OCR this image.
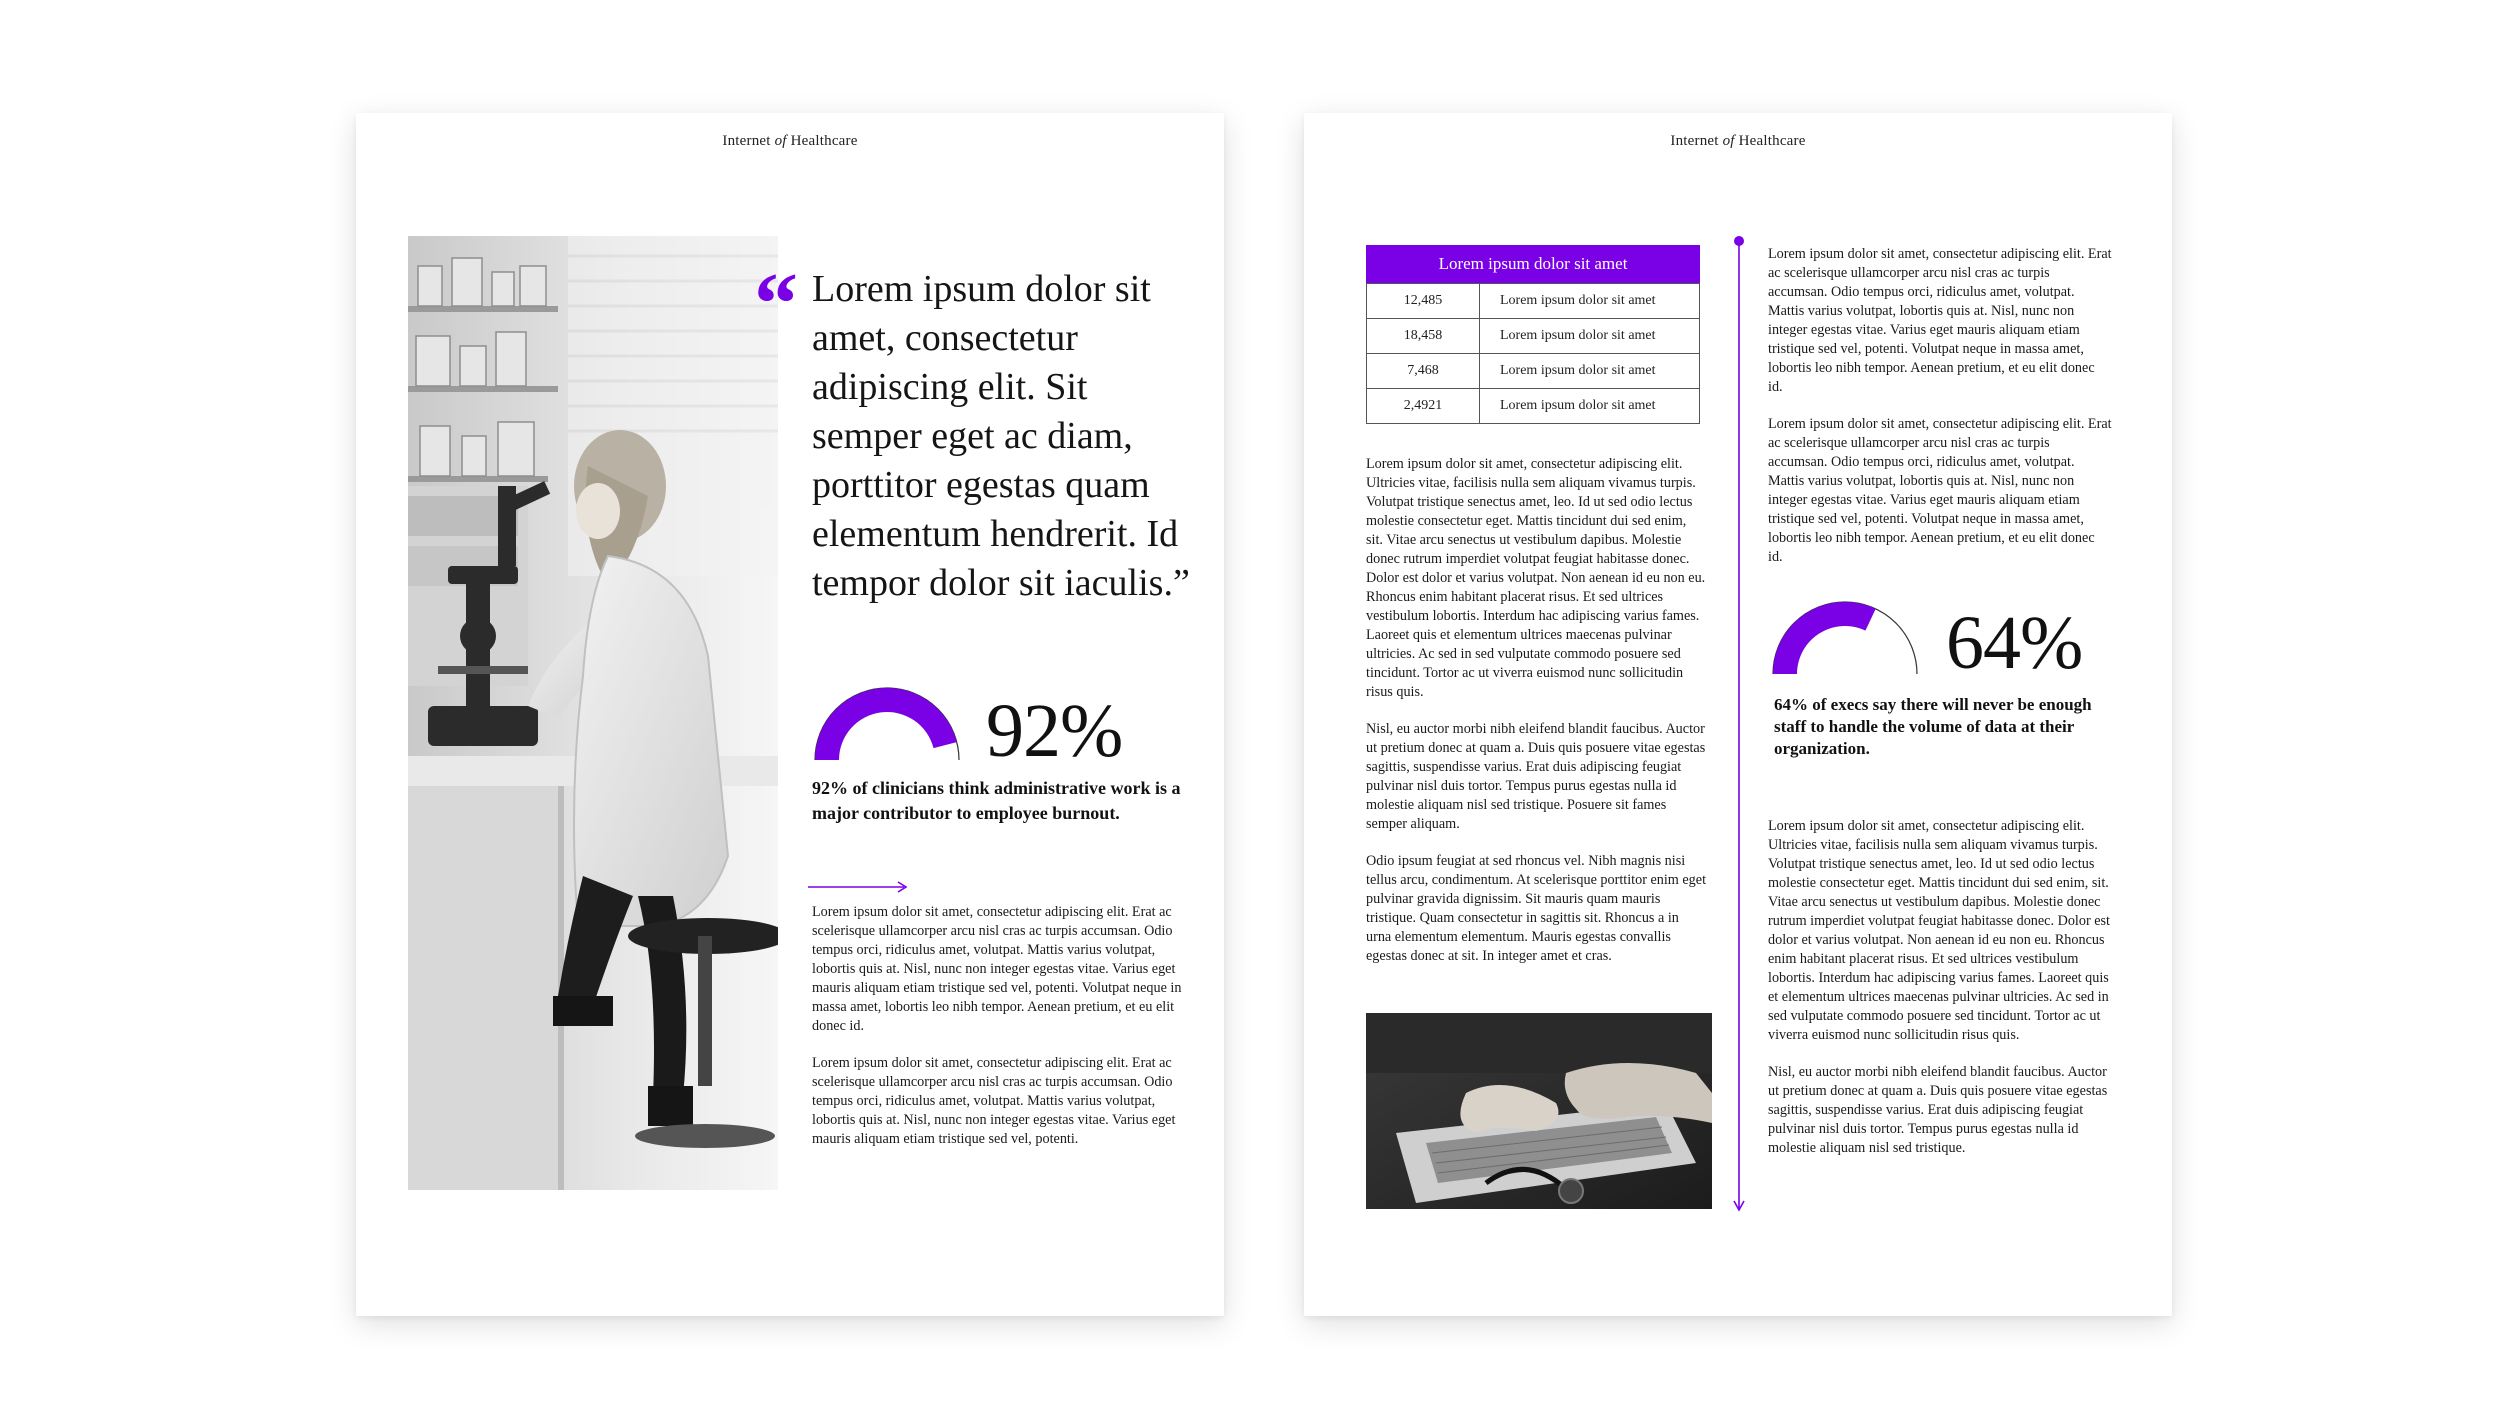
Internet of Healthcare
“ Lorem ipsum dolor sit amet, consectetur adipiscing elit. Sit semper eget ac diam, porttitor egestas quam elementum hendrerit. Id tempor dolor sit iaculis.”
92%
92% of clinicians think administrative work is a major contributor to employee burnout.

Lorem ipsum dolor sit amet, consectetur adipiscing elit. Erat ac scelerisque ullamcorper arcu nisl cras ac turpis accumsan. Odio tempus orci, ridiculus amet, volutpat. Mattis varius volutpat, lobortis quis at. Nisl, nunc non integer egestas vitae. Varius eget mauris aliquam etiam tristique sed vel, potenti. Volutpat neque in massa amet, lobortis leo nibh tempor. Aenean pretium, et eu elit donec id.

Lorem ipsum dolor sit amet, consectetur adipiscing elit. Erat ac scelerisque ullamcorper arcu nisl cras ac turpis accumsan. Odio tempus orci, ridiculus amet, volutpat. Mattis varius volutpat, lobortis quis at. Nisl, nunc non integer egestas vitae. Varius eget mauris aliquam etiam tristique sed vel, potenti.

Internet of Healthcare
Lorem ipsum dolor sit amet
12,485	Lorem ipsum dolor sit amet
18,458	Lorem ipsum dolor sit amet
7,468	Lorem ipsum dolor sit amet
2,4921	Lorem ipsum dolor sit amet

Lorem ipsum dolor sit amet, consectetur adipiscing elit. Ultricies vitae, facilisis nulla sem aliquam vivamus turpis. Volutpat tristique senectus amet, leo. Id ut sed odio lectus molestie consectetur eget. Mattis tincidunt dui sed enim, sit. Vitae arcu senectus ut vestibulum dapibus. Molestie donec rutrum imperdiet volutpat feugiat habitasse donec. Dolor est dolor et varius volutpat. Non aenean id eu non eu. Rhoncus enim habitant placerat risus. Et sed ultrices vestibulum lobortis. Interdum hac adipiscing varius fames. Laoreet quis et elementum ultrices maecenas pulvinar ultricies. Ac sed in sed vulputate commodo posuere sed tincidunt. Tortor ac ut viverra euismod nunc sollicitudin risus quis.

Nisl, eu auctor morbi nibh eleifend blandit faucibus. Auctor ut pretium donec at quam a. Duis quis posuere vitae egestas sagittis, suspendisse varius. Erat duis adipiscing feugiat pulvinar nisl duis tortor. Tempus purus egestas nulla id molestie aliquam nisl sed tristique. Posuere sit fames semper aliquam.

Odio ipsum feugiat at sed rhoncus vel. Nibh magnis nisi tellus arcu, condimentum. At scelerisque porttitor enim eget pulvinar gravida dignissim. Sit mauris quam mauris tristique. Quam consectetur in sagittis sit. Rhoncus a in urna elementum elementum. Mauris egestas convallis egestas donec at sit. In integer amet et cras.

Lorem ipsum dolor sit amet, consectetur adipiscing elit. Erat ac scelerisque ullamcorper arcu nisl cras ac turpis accumsan. Odio tempus orci, ridiculus amet, volutpat. Mattis varius volutpat, lobortis quis at. Nisl, nunc non integer egestas vitae. Varius eget mauris aliquam etiam tristique sed vel, potenti. Volutpat neque in massa amet, lobortis leo nibh tempor. Aenean pretium, et eu elit donec id.

Lorem ipsum dolor sit amet, consectetur adipiscing elit. Erat ac scelerisque ullamcorper arcu nisl cras ac turpis accumsan. Odio tempus orci, ridiculus amet, volutpat. Mattis varius volutpat, lobortis quis at. Nisl, nunc non integer egestas vitae. Varius eget mauris aliquam etiam tristique sed vel, potenti. Volutpat neque in massa amet, lobortis leo nibh tempor. Aenean pretium, et eu elit donec id.

64%
64% of execs say there will never be enough staff to handle the volume of data at their organization.

Lorem ipsum dolor sit amet, consectetur adipiscing elit. Ultricies vitae, facilisis nulla sem aliquam vivamus turpis. Volutpat tristique senectus amet, leo. Id ut sed odio lectus molestie consectetur eget. Mattis tincidunt dui sed enim, sit. Vitae arcu senectus ut vestibulum dapibus. Molestie donec rutrum imperdiet volutpat feugiat habitasse donec. Dolor est dolor et varius volutpat. Non aenean id eu non eu. Rhoncus enim habitant placerat risus. Et sed ultrices vestibulum lobortis. Interdum hac adipiscing varius fames. Laoreet quis et elementum ultrices maecenas pulvinar ultricies. Ac sed in sed vulputate commodo posuere sed tincidunt. Tortor ac ut viverra euismod nunc sollicitudin risus quis.

Nisl, eu auctor morbi nibh eleifend blandit faucibus. Auctor ut pretium donec at quam a. Duis quis posuere vitae egestas sagittis, suspendisse varius. Erat duis adipiscing feugiat pulvinar nisl duis tortor. Tempus purus egestas nulla id molestie aliquam nisl sed tristique.
